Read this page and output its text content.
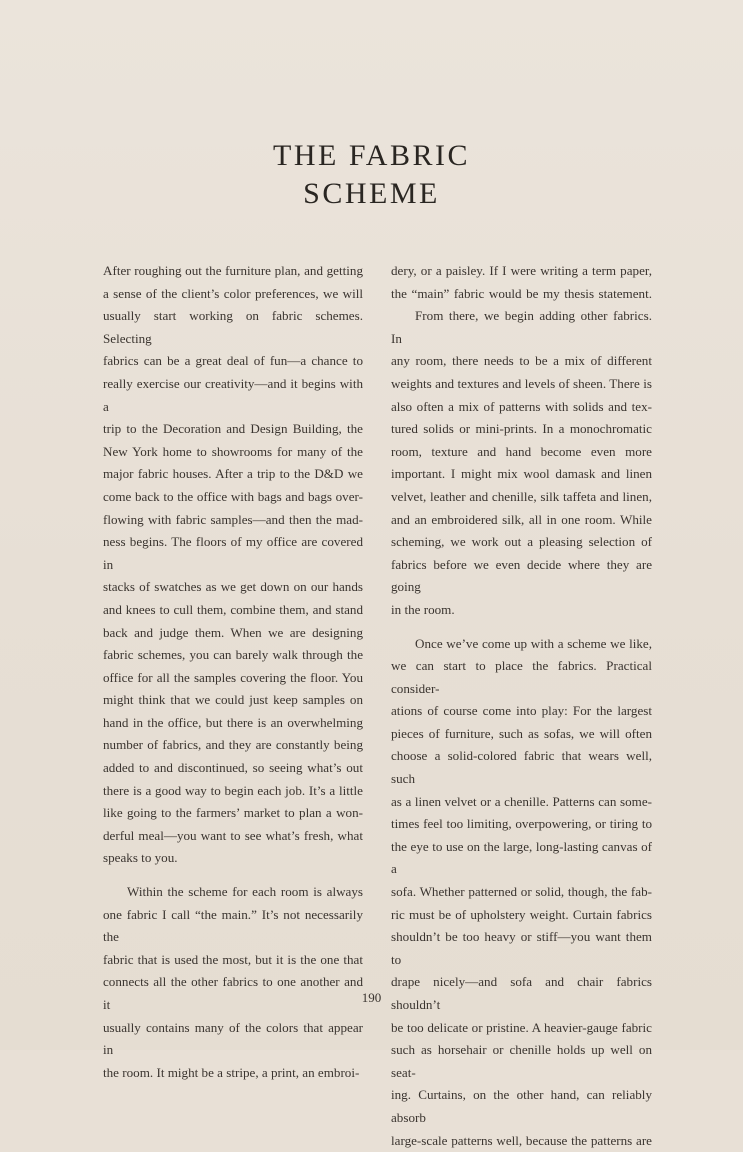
THE FABRIC
SCHEME

After roughing out the furniture plan, and getting

a sense of the client’s color preferences, we will

usually start working on fabric schemes. Selecting

fabrics can be a great deal of fun—a chance to

really exercise our creativity—and it begins with a

trip to the Decoration and Design Building, the

New York home to showrooms for many of the

major fabric houses. After a trip to the D&D we

come back to the office with bags and bags over-

flowing with fabric samples—and then the mad-

ness begins. The floors of my office are covered in

stacks of swatches as we get down on our hands

and knees to cull them, combine them, and stand

back and judge them. When we are designing

fabric schemes, you can barely walk through the

office for all the samples covering the floor. You

might think that we could just keep samples on

hand in the office, but there is an overwhelming

number of fabrics, and they are constantly being

added to and discontinued, so seeing what’s out

there is a good way to begin each job. It’s a little

like going to the farmers’ market to plan a won-

derful meal—you want to see what’s fresh, what

speaks to you.

Within the scheme for each room is always

one fabric I call “the main.” It’s not necessarily the

fabric that is used the most, but it is the one that

connects all the other fabrics to one another and it

usually contains many of the colors that appear in

the room. It might be a stripe, a print, an embroi-

dery, or a paisley. If I were writing a term paper,

the “main” fabric would be my thesis statement.

From there, we begin adding other fabrics. In

any room, there needs to be a mix of different

weights and textures and levels of sheen. There is

also often a mix of patterns with solids and tex-

tured solids or mini-prints. In a monochromatic

room, texture and hand become even more

important. I might mix wool damask and linen

velvet, leather and chenille, silk taffeta and linen,

and an embroidered silk, all in one room. While

scheming, we work out a pleasing selection of

fabrics before we even decide where they are going

in the room.

Once we’ve come up with a scheme we like,

we can start to place the fabrics. Practical consider-

ations of course come into play: For the largest

pieces of furniture, such as sofas, we will often

choose a solid-colored fabric that wears well, such

as a linen velvet or a chenille. Patterns can some-

times feel too limiting, overpowering, or tiring to

the eye to use on the large, long-lasting canvas of a

sofa. Whether patterned or solid, though, the fab-

ric must be of upholstery weight. Curtain fabrics

shouldn’t be too heavy or stiff—you want them to

drape nicely—and sofa and chair fabrics shouldn’t

be too delicate or pristine. A heavier-gauge fabric

such as horsehair or chenille holds up well on seat-

ing. Curtains, on the other hand, can reliably absorb

large-scale patterns well, because the patterns are

190
